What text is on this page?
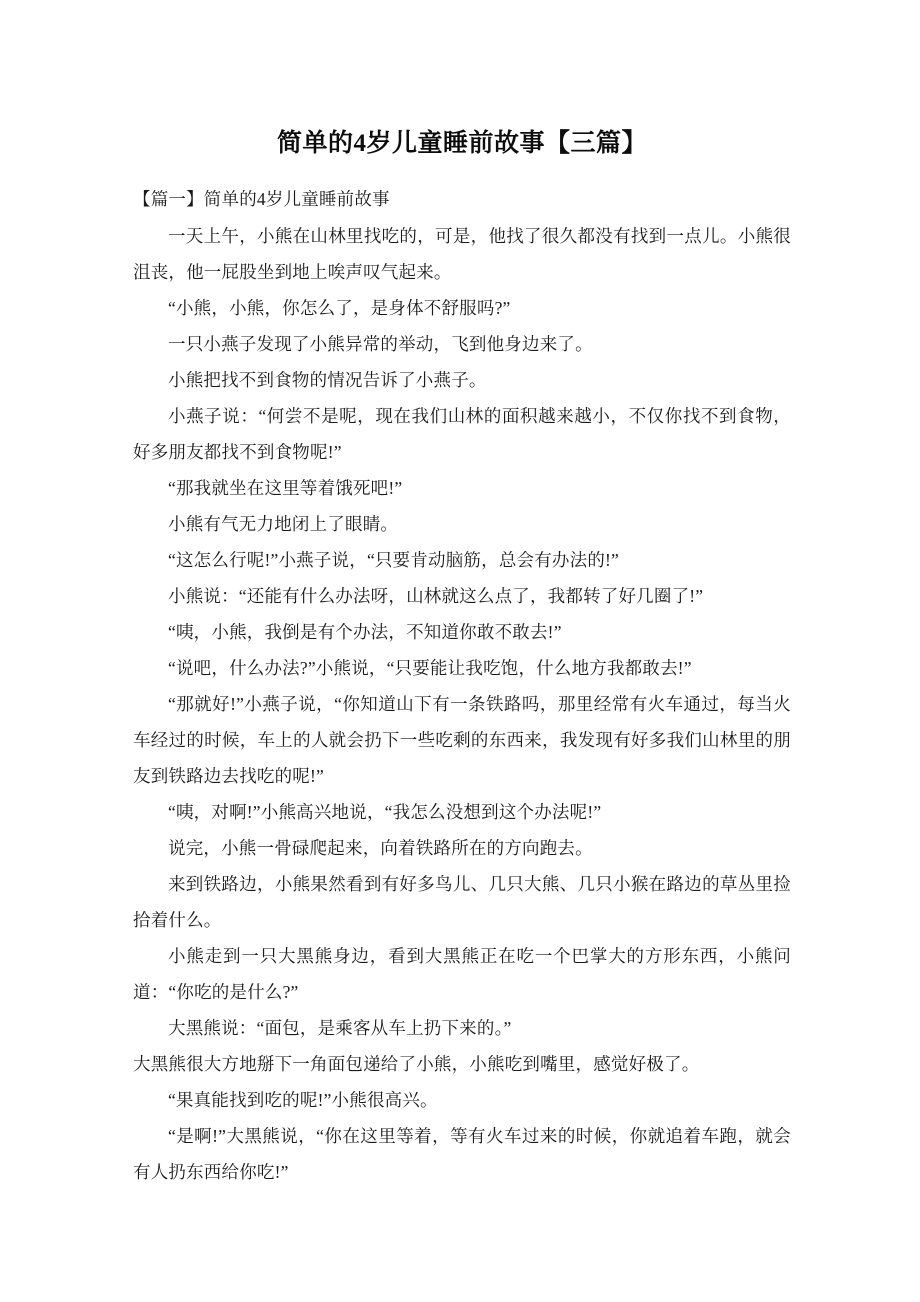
简单的4岁儿童睡前故事【三篇】
【篇一】简单的4岁儿童睡前故事

一天上午，小熊在山林里找吃的，可是，他找了很久都没有找到一点儿。小熊很沮丧，他一屁股坐到地上唉声叹气起来。

“小熊，小熊，你怎么了，是身体不舒服吗?”

一只小燕子发现了小熊异常的举动，飞到他身边来了。

小熊把找不到食物的情况告诉了小燕子。

小燕子说：“何尝不是呢，现在我们山林的面积越来越小，不仅你找不到食物，好多朋友都找不到食物呢!”

“那我就坐在这里等着饿死吧!”

小熊有气无力地闭上了眼睛。

“这怎么行呢!”小燕子说，“只要肯动脑筋，总会有办法的!”

小熊说：“还能有什么办法呀，山林就这么点了，我都转了好几圈了!”

“咦，小熊，我倒是有个办法，不知道你敢不敢去!”

“说吧，什么办法?”小熊说，“只要能让我吃饱，什么地方我都敢去!”

“那就好!”小燕子说，“你知道山下有一条铁路吗，那里经常有火车通过，每当火车经过的时候，车上的人就会扔下一些吃剩的东西来，我发现有好多我们山林里的朋友到铁路边去找吃的呢!”

“咦，对啊!”小熊高兴地说，“我怎么没想到这个办法呢!”

说完，小熊一骨碌爬起来，向着铁路所在的方向跑去。

来到铁路边，小熊果然看到有好多鸟儿、几只大熊、几只小猴在路边的草丛里捡拾着什么。

小熊走到一只大黑熊身边，看到大黑熊正在吃一个巴掌大的方形东西，小熊问道：“你吃的是什么?”

大黑熊说：“面包，是乘客从车上扔下来的。”

大黑熊很大方地掰下一角面包递给了小熊，小熊吃到嘴里，感觉好极了。

“果真能找到吃的呢!”小熊很高兴。

“是啊!”大黑熊说，“你在这里等着，等有火车过来的时候，你就追着车跑，就会有人扔东西给你吃!”
